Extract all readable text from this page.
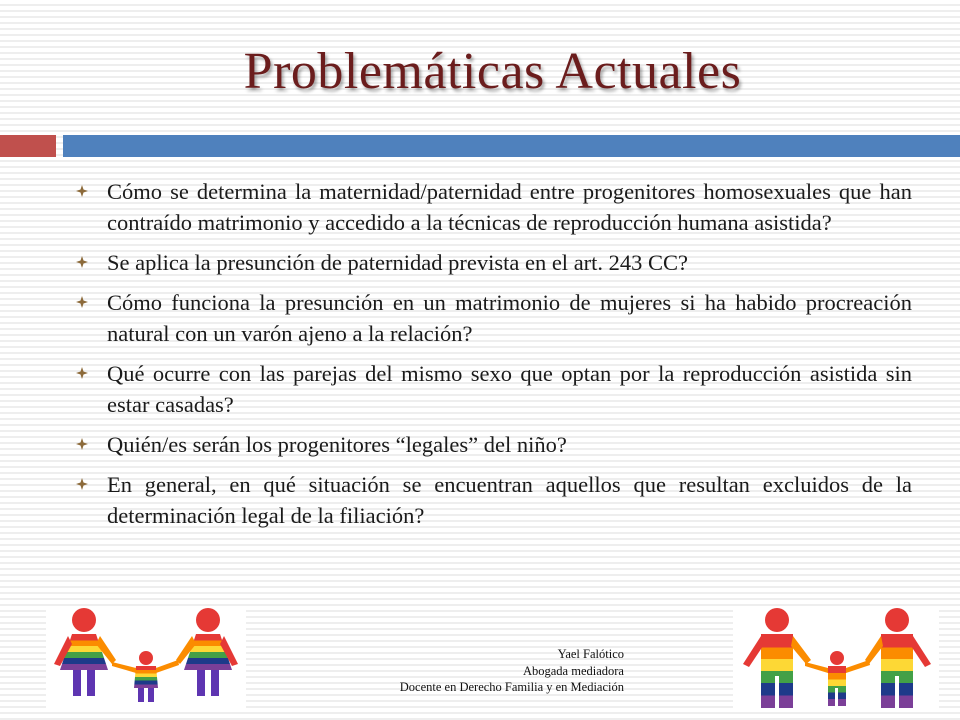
Problemáticas Actuales
Cómo se determina la maternidad/paternidad entre progenitores homosexuales que han contraído matrimonio y accedido a la técnicas de reproducción humana asistida?
Se aplica la presunción de paternidad prevista en el art. 243 CC?
Cómo funciona la presunción en un matrimonio de mujeres si ha habido procreación natural con un varón ajeno a la relación?
Qué ocurre con las parejas del mismo sexo que optan por la reproducción asistida sin estar casadas?
Quién/es serán los progenitores “legales” del niño?
En general, en qué situación se encuentran aquellos que resultan excluidos de la determinación legal de la filiación?
Yael Falótico
Abogada mediadora
Docente en Derecho Familia y en Mediación
